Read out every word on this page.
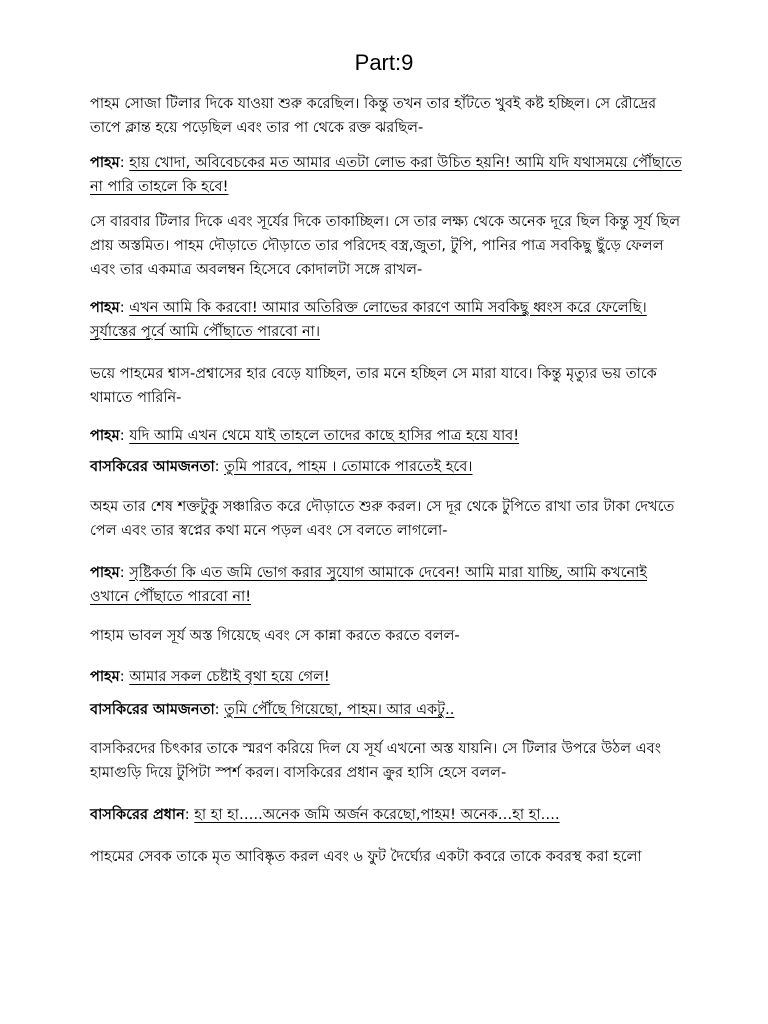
Part:9

পাহম সোজা টিলার দিকে যাওয়া শুরু করেছিল। কিন্তু তখন তার হাঁটতে খুবই কষ্ট হচ্ছিল। সে রৌদ্রের তাপে ক্লান্ত হয়ে পড়েছিল এবং তার পা থেকে রক্ত ঝরছিল-

পাহম: হায় খোদা, অবিবেচকের মত আমার এতটা লোভ করা উচিত হয়নি! আমি যদি যথাসময়ে পৌঁছাতে না পারি তাহলে কি হবে!

সে বারবার টিলার দিকে এবং সূর্যের দিকে তাকাচ্ছিল। সে তার লক্ষ্য থেকে অনেক দূরে ছিল কিন্তু সূর্য ছিল প্রায় অস্তমিত। পাহম দৌড়াতে দৌড়াতে তার পরিদেহ বস্ত্র,জুতা, টুপি, পানির পাত্র সবকিছু ছুঁড়ে ফেলল এবং তার একমাত্র অবলম্বন হিসেবে কোদালটা সঙ্গে রাখল-

পাহম: এখন আমি কি করবো! আমার অতিরিক্ত লোভের কারণে আমি সবকিছু ধ্বংস করে ফেলেছি। সূর্যাস্তের পূর্বে আমি পৌঁছাতে পারবো না।

ভয়ে পাহমের শ্বাস-প্রশ্বাসের হার বেড়ে যাচ্ছিল, তার মনে হচ্ছিল সে মারা যাবে। কিন্তু মৃত্যুর ভয় তাকে থামাতে পারিনি-

পাহম: যদি আমি এখন থেমে যাই তাহলে তাদের কাছে হাসির পাত্র হয়ে যাব!

বাসকিরের আমজনতা: তুমি পারবে, পাহম । তোমাকে পারতেই হবে।

অহম তার শেষ শক্তটুকু সঞ্চারিত করে দৌড়াতে শুরু করল। সে দূর থেকে টুপিতে রাখা তার টাকা দেখতে পেল এবং তার স্বপ্নের কথা মনে পড়ল এবং সে বলতে লাগলো-

পাহম: সৃষ্টিকর্তা কি এত জমি ভোগ করার সুযোগ আমাকে দেবেন! আমি মারা যাচ্ছি, আমি কখনোই ওখানে পৌঁছাতে পারবো না!

পাহাম ভাবল সূর্য অস্ত গিয়েছে এবং সে কান্না করতে করতে বলল-

পাহম: আমার সকল চেষ্টাই বৃথা হয়ে গেল!

বাসকিরের আমজনতা: তুমি পৌঁছে গিয়েছো, পাহম। আর একটু..

বাসকিরদের চিৎকার তাকে স্মরণ করিয়ে দিল যে সূর্য এখনো অস্ত যায়নি। সে টিলার উপরে উঠল এবং হামাগুড়ি দিয়ে টুপিটা স্পর্শ করল। বাসকিরের প্রধান ক্রুর হাসি হেসে বলল-

বাসকিরের প্রধান: হা হা হা…..অনেক জমি অর্জন করেছো,পাহম! অনেক…হা হা….

পাহমের সেবক তাকে মৃত আবিষ্কৃত করল এবং ৬ ফুট দৈর্ঘ্যের একটা কবরে তাকে কবরস্থ করা হলো
